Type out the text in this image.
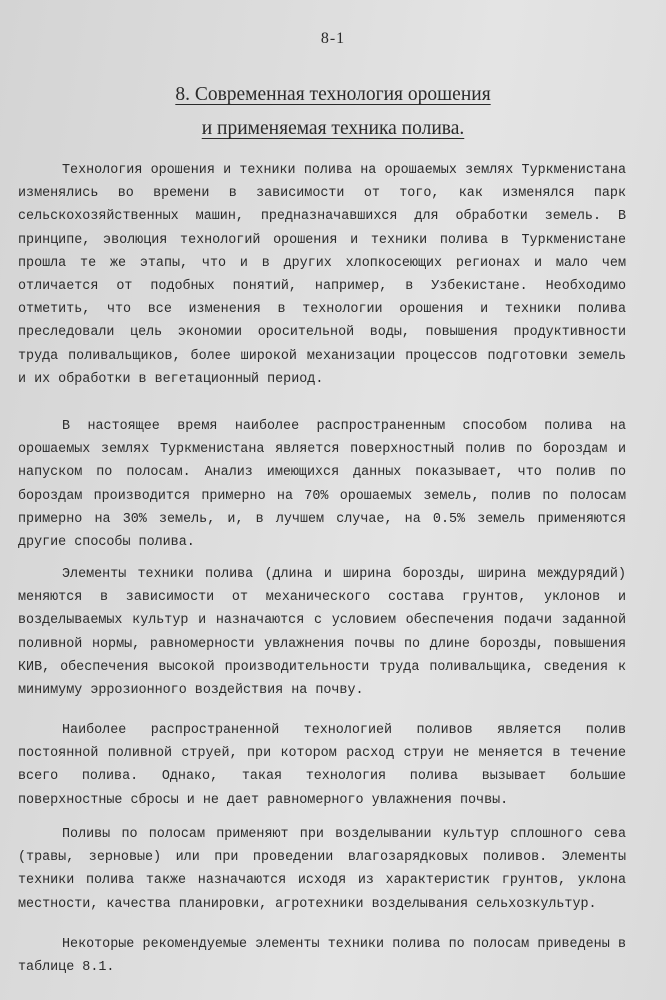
8-1
8. Современная технология орошения
и применяемая техника полива.

Технология орошения и техники полива на орошаемых землях Туркменистана изменялись во времени в зависимости от того, как изменялся парк сельскохозяйственных машин, предназначавшихся для обработки земель. В принципе, эволюция технологий орошения и техники полива в Туркменистане прошла те же этапы, что и в других хлопкосеющих регионах и мало чем отличается от подобных понятий, например, в Узбекистане. Необходимо отметить, что все изменения в технологии орошения и техники полива преследовали цель экономии оросительной воды, повышения продуктивности труда поливальщиков, более широкой механизации процессов подготовки земель и их обработки в вегетационный период.

В настоящее время наиболее распространенным способом полива на орошаемых землях Туркменистана является поверхностный полив по бороздам и напуском по полосам. Анализ имеющихся данных показывает, что полив по бороздам производится примерно на 70% орошаемых земель, полив по полосам примерно на 30% земель, и, в лучшем случае, на 0.5% земель применяются другие способы полива.

Элементы техники полива (длина и ширина борозды, ширина междурядий) меняются в зависимости от механического состава грунтов, уклонов и возделываемых культур и назначаются с условием обеспечения подачи заданной поливной нормы, равномерности увлажнения почвы по длине борозды, повышения КИВ, обеспечения высокой производительности труда поливальщика, сведения к минимуму эррозионного воздействия на почву.

Наиболее распространенной технологией поливов является полив постоянной поливной струей, при котором расход струи не меняется в течение всего полива. Однако, такая технология полива вызывает большие поверхностные сбросы и не дает равномерного увлажнения почвы.

Поливы по полосам применяют при возделывании культур сплошного сева (травы, зерновые) или при проведении влагозарядковых поливов. Элементы техники полива также назначаются исходя из характеристик грунтов, уклона местности, качества планировки, агротехники возделывания сельхозкультур.

Некоторые рекомендуемые элементы техники полива по полосам приведены в таблице 8.1.
